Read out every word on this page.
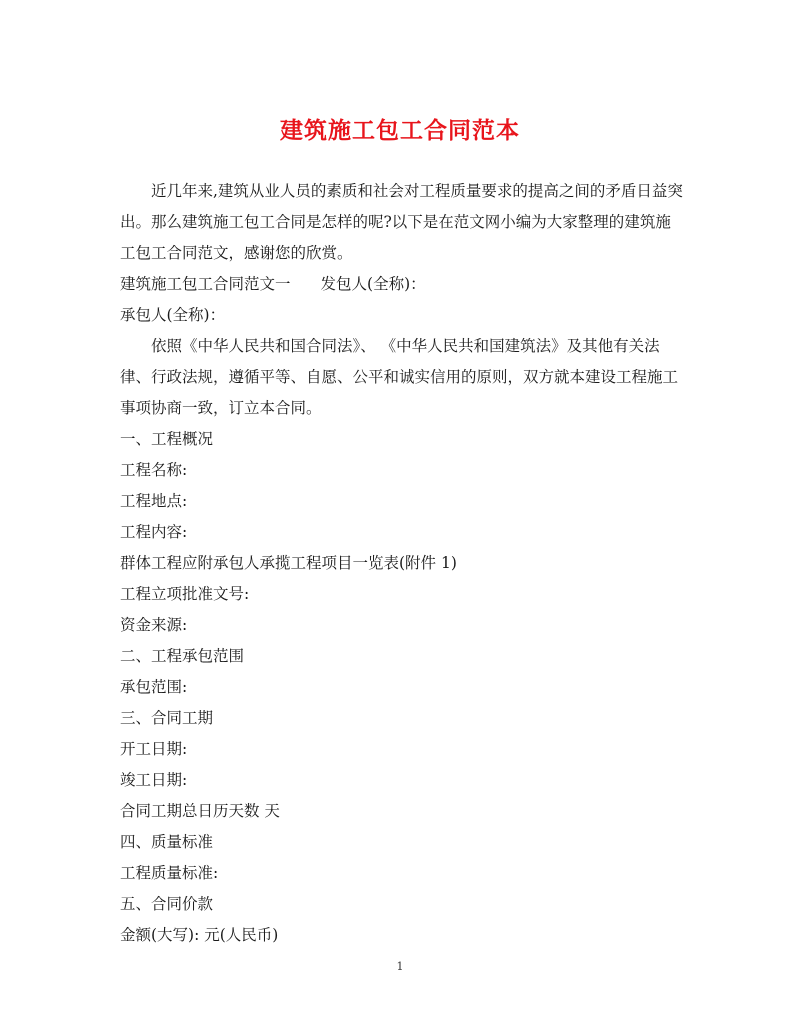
建筑施工包工合同范本

近几年来,建筑从业人员的素质和社会对工程质量要求的提高之间的矛盾日益突出。那么建筑施工包工合同是怎样的呢?以下是在范文网小编为大家整理的建筑施工包工合同范文，感谢您的欣赏。

建筑施工包工合同范文一 发包人(全称)：

承包人(全称)：

依照《中华人民共和国合同法》、 《中华人民共和国建筑法》及其他有关法律、行政法规，遵循平等、自愿、公平和诚实信用的原则，双方就本建设工程施工事项协商一致，订立本合同。

一、工程概况

工程名称:

工程地点:

工程内容:

群体工程应附承包人承揽工程项目一览表(附件 1)

工程立项批准文号:

资金来源:

二、工程承包范围

承包范围:

三、合同工期

开工日期:

竣工日期:

合同工期总日历天数 天

四、质量标准

工程质量标准:

五、合同价款

金额(大写): 元(人民币)

1
